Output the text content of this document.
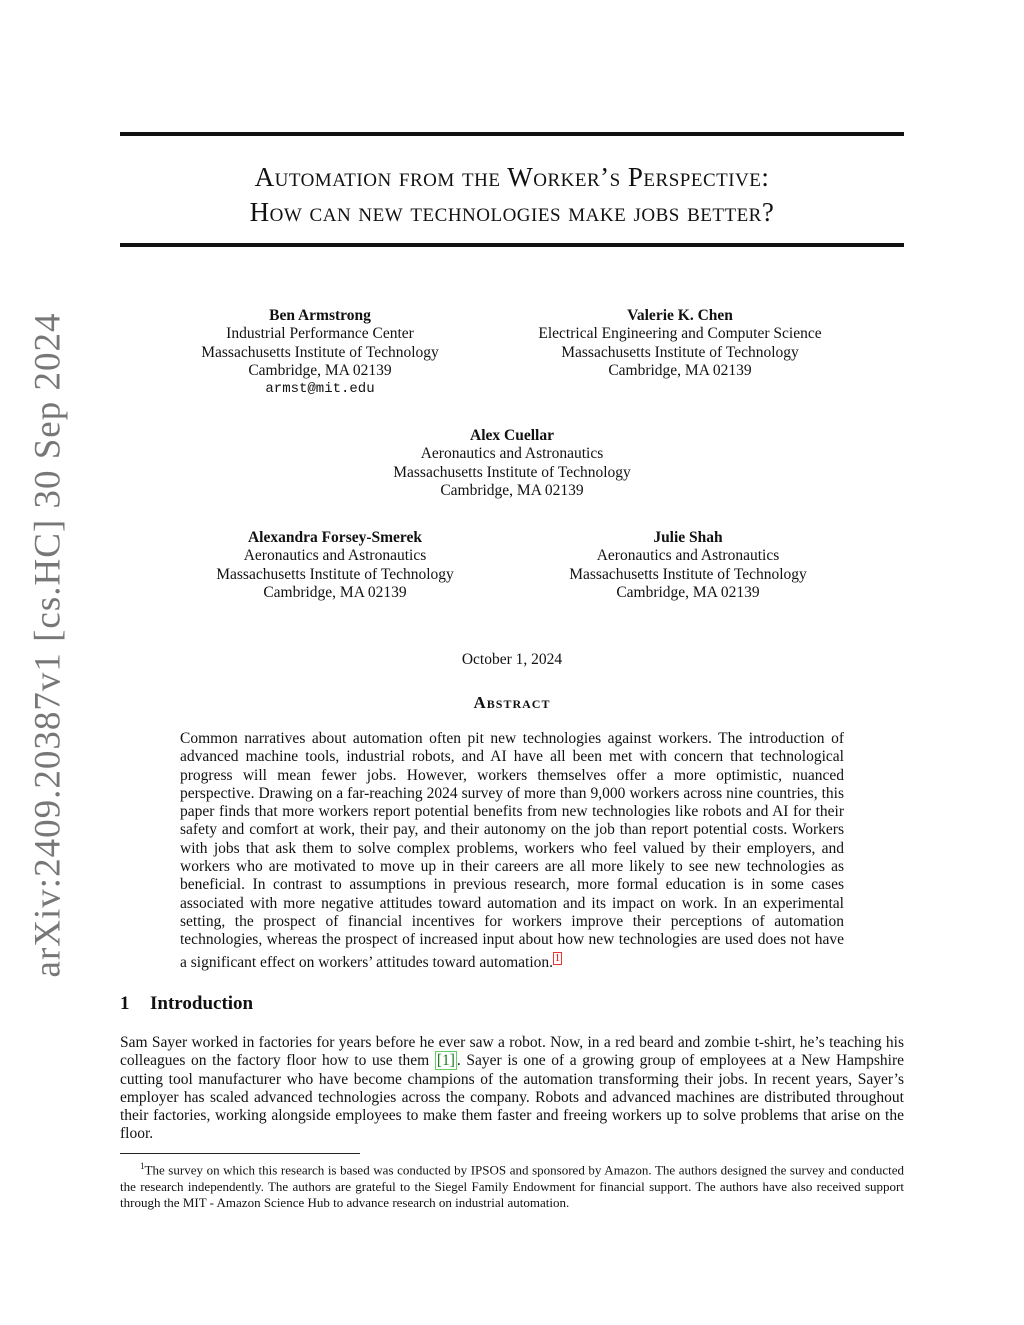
arXiv:2409.20387v1 [cs.HC] 30 Sep 2024
Automation from the Worker’s Perspective:
How can new technologies make jobs better?
Ben Armstrong
Industrial Performance Center
Massachusetts Institute of Technology
Cambridge, MA 02139
armst@mit.edu
Valerie K. Chen
Electrical Engineering and Computer Science
Massachusetts Institute of Technology
Cambridge, MA 02139
Alex Cuellar
Aeronautics and Astronautics
Massachusetts Institute of Technology
Cambridge, MA 02139
Alexandra Forsey-Smerek
Aeronautics and Astronautics
Massachusetts Institute of Technology
Cambridge, MA 02139
Julie Shah
Aeronautics and Astronautics
Massachusetts Institute of Technology
Cambridge, MA 02139
October 1, 2024
Abstract

Common narratives about automation often pit new technologies against workers. The introduction of advanced machine tools, industrial robots, and AI have all been met with concern that technological progress will mean fewer jobs. However, workers themselves offer a more optimistic, nuanced perspective. Drawing on a far-reaching 2024 survey of more than 9,000 workers across nine countries, this paper finds that more workers report potential benefits from new technologies like robots and AI for their safety and comfort at work, their pay, and their autonomy on the job than report potential costs. Workers with jobs that ask them to solve complex problems, workers who feel valued by their employers, and workers who are motivated to move up in their careers are all more likely to see new technologies as beneficial. In contrast to assumptions in previous research, more formal education is in some cases associated with more negative attitudes toward automation and its impact on work. In an experimental setting, the prospect of financial incentives for workers improve their perceptions of automation technologies, whereas the prospect of increased input about how new technologies are used does not have a significant effect on workers’ attitudes toward automation. $^1$

1 Introduction

Sam Sayer worked in factories for years before he ever saw a robot. Now, in a red beard and zombie t-shirt, he’s teaching his colleagues on the factory floor how to use them [1] . Sayer is one of a growing group of employees at a New Hampshire cutting tool manufacturer who have become champions of the automation transforming their jobs. In recent years, Sayer’s employer has scaled advanced technologies across the company. Robots and advanced machines are distributed throughout their factories, working alongside employees to make them faster and freeing workers up to solve problems that arise on the floor.

$^1$The survey on which this research is based was conducted by IPSOS and sponsored by Amazon. The authors designed the survey and conducted the research independently. The authors are grateful to the Siegel Family Endowment for financial support. The authors have also received support through the MIT - Amazon Science Hub to advance research on industrial automation.
